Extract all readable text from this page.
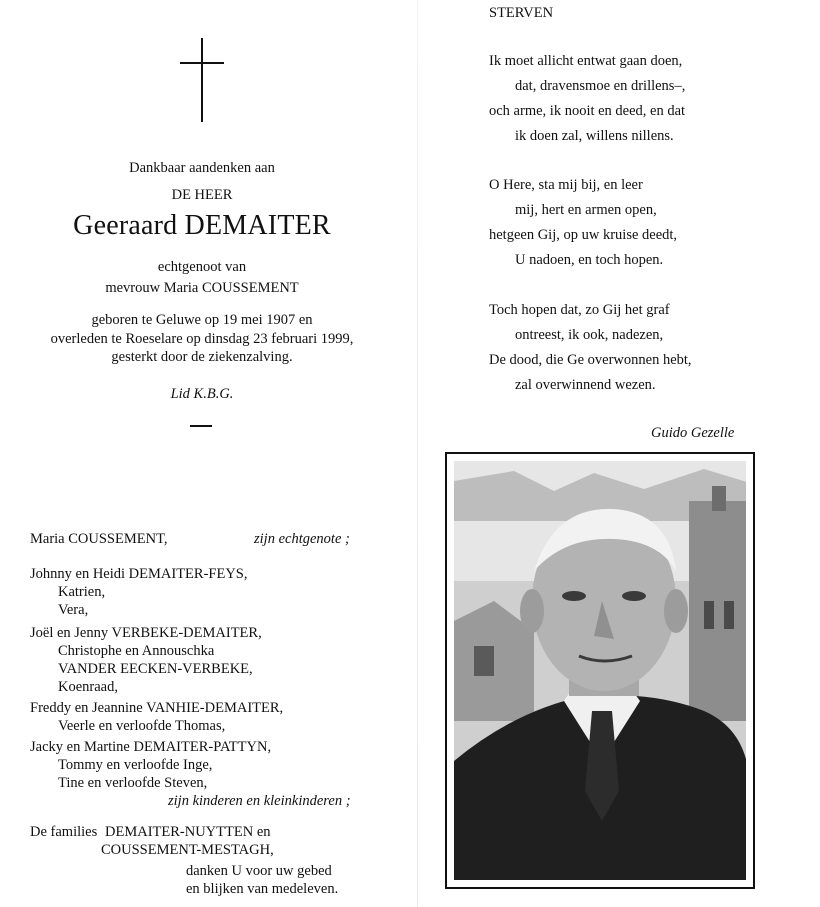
Dankbaar aandenken aan
DE HEER
Geeraard DEMAITER
echtgenoot van
mevrouw Maria COUSSEMENT
geboren te Geluwe op 19 mei 1907 en
overleden te Roeselare op dinsdag 23 februari 1999,
gesterkt door de ziekenzalving.
Lid K.B.G.
Maria COUSSEMENT,	zijn echtgenote ;
Johnny en Heidi DEMAITER-FEYS,
Katrien,
Vera,
Joël en Jenny VERBEKE-DEMAITER,
Christophe en Annouschka
VANDER EECKEN-VERBEKE,
Koenraad,
Freddy en Jeannine VANHIE-DEMAITER,
Veerle en verloofde Thomas,
Jacky en Martine DEMAITER-PATTYN,
Tommy en verloofde Inge,
Tine en verloofde Steven,
zijn kinderen en kleinkinderen ;
De families DEMAITER-NUYTTEN en
COUSSEMENT-MESTAGH,
danken U voor uw gebed
en blijken van medeleven.
STERVEN
Ik moet allicht entwat gaan doen,
dat, dravensmoe en drillens–,
och arme, ik nooit en deed, en dat
ik doen zal, willens nillens.
O Here, sta mij bij, en leer
mij, hert en armen open,
hetgeen Gij, op uw kruise deedt,
U nadoen, en toch hopen.
Toch hopen dat, zo Gij het graf
ontreest, ik ook, nadezen,
De dood, die Ge overwonnen hebt,
zal overwinnend wezen.
Guido Gezelle
